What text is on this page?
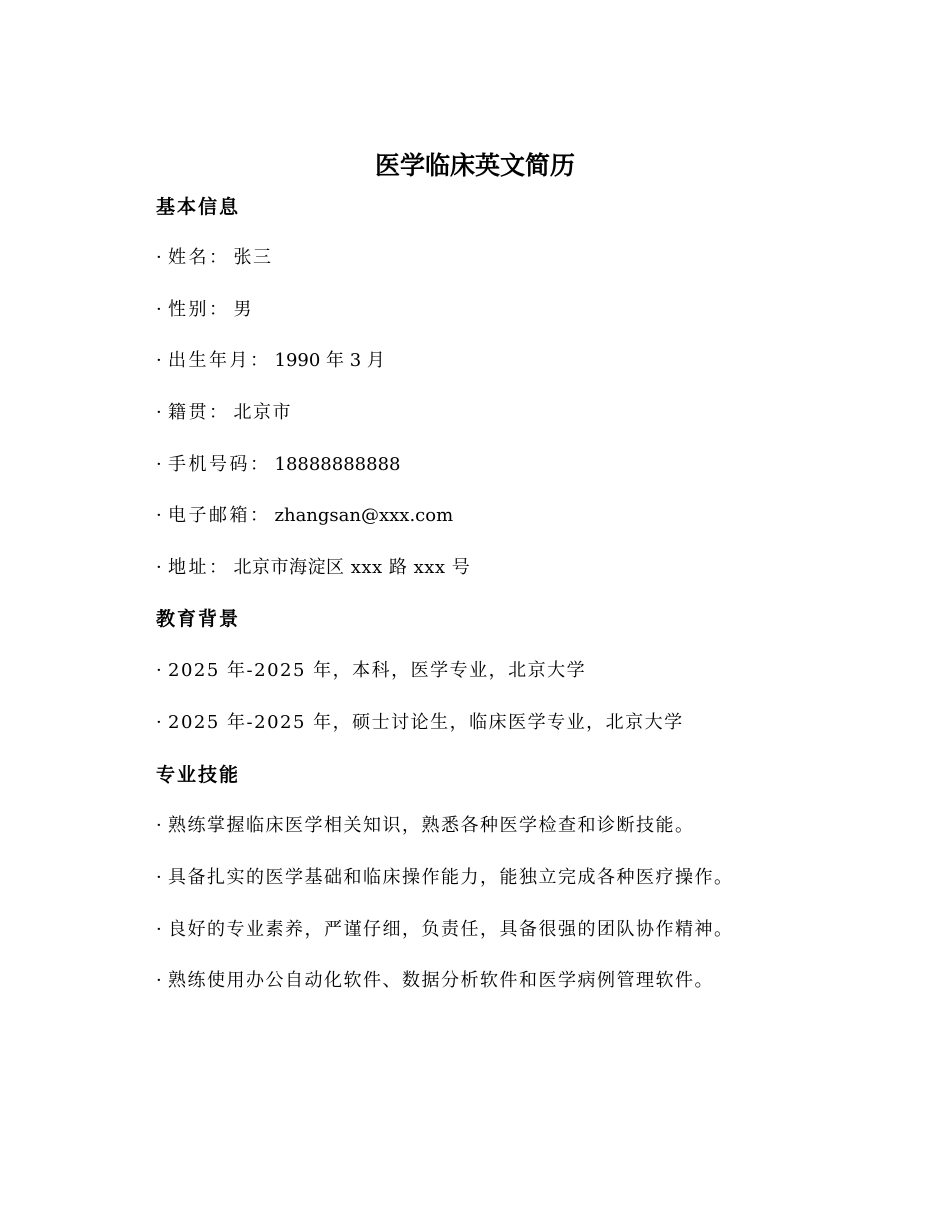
医学临床英文简历
基本信息
· 姓名： 张三
· 性别： 男
· 出生年月： 1990 年 3 月
· 籍贯： 北京市
· 手机号码： 18888888888
· 电子邮箱： zhangsan@xxx.com
· 地址： 北京市海淀区 xxx 路 xxx 号
教育背景
· 2025 年-2025 年，本科，医学专业，北京大学
· 2025 年-2025 年，硕士讨论生，临床医学专业，北京大学
专业技能
· 熟练掌握临床医学相关知识，熟悉各种医学检查和诊断技能。
· 具备扎实的医学基础和临床操作能力，能独立完成各种医疗操作。
· 良好的专业素养，严谨仔细，负责任，具备很强的团队协作精神。
· 熟练使用办公自动化软件、数据分析软件和医学病例管理软件。
